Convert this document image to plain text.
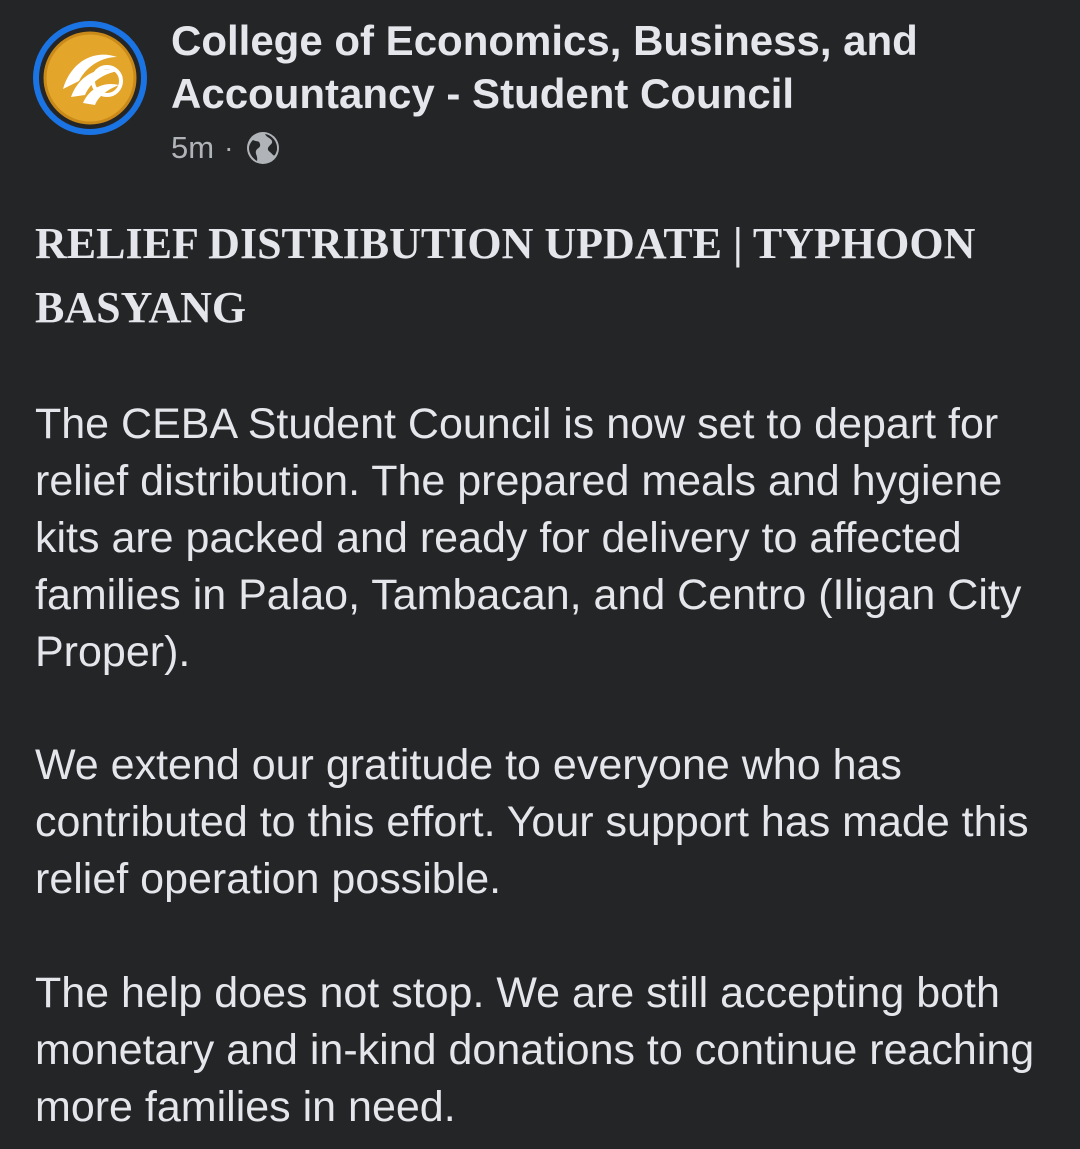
College of Economics, Business, and Accountancy - Student Council
5m ·
RELIEF DISTRIBUTION UPDATE | TYPHOON BASYANG
The CEBA Student Council is now set to depart for relief distribution. The prepared meals and hygiene kits are packed and ready for delivery to affected families in Palao, Tambacan, and Centro (Iligan City Proper).
We extend our gratitude to everyone who has contributed to this effort. Your support has made this relief operation possible.
The help does not stop. We are still accepting both monetary and in-kind donations to continue reaching more families in need.
